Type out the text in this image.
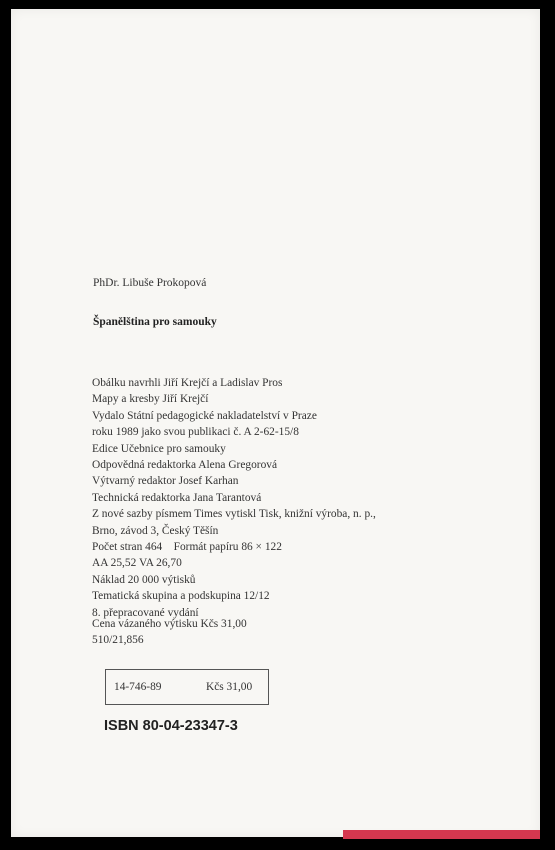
PhDr. Libuše Prokopová

Španělština pro samouky

Obálku navrhli Jiří Krejčí a Ladislav Pros
Mapy a kresby Jiří Krejčí
Vydalo Státní pedagogické nakladatelství v Praze
roku 1989 jako svou publikaci č. A 2-62-15/8
Edice Učebnice pro samouky
Odpovědná redaktorka Alena Gregorová
Výtvarný redaktor Josef Karhan
Technická redaktorka Jana Tarantová
Z nové sazby písmem Times vytiskl Tisk, knižní výroba, n. p.,
Brno, závod 3, Český Těšín
Počet stran 464    Formát papíru 86 × 122
AA 25,52 VA 26,70
Náklad 20 000 výtisků
Tematická skupina a podskupina 12/12
8. přepracované vydání
Cena vázaného výtisku Kčs 31,00
510/21,856
14-746-89	Kčs 31,00

ISBN 80-04-23347-3
